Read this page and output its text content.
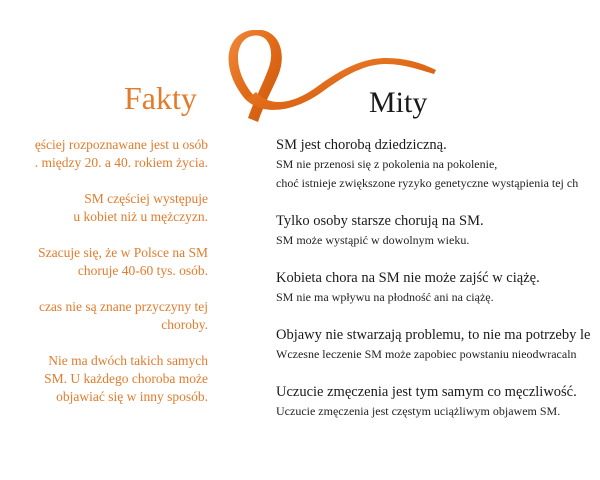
Fakty	Mity

ęściej rozpoznawane jest u osób
. między 20. a 40. rokiem życia.

SM częściej występuje
u kobiet niż u mężczyzn.

Szacuje się, że w Polsce na SM
choruje 40-60 tys. osób.

czas nie są znane przyczyny tej
choroby.

Nie ma dwóch takich samych
SM. U każdego choroba może
objawiać się w inny sposób.

SM jest chorobą dziedziczną.
SM nie przenosi się z pokolenia na pokolenie,
choć istnieje zwiększone ryzyko genetyczne wystąpienia tej ch
Tylko osoby starsze chorują na SM.
SM może wystąpić w dowolnym wieku.
Kobieta chora na SM nie może zajść w ciążę.
SM nie ma wpływu na płodność ani na ciążę.
Objawy nie stwarzają problemu, to nie ma potrzeby le
Wczesne leczenie SM może zapobiec powstaniu nieodwracaln
Uczucie zmęczenia jest tym samym co męczliwość.
Uczucie zmęczenia jest częstym uciążliwym objawem SM.
